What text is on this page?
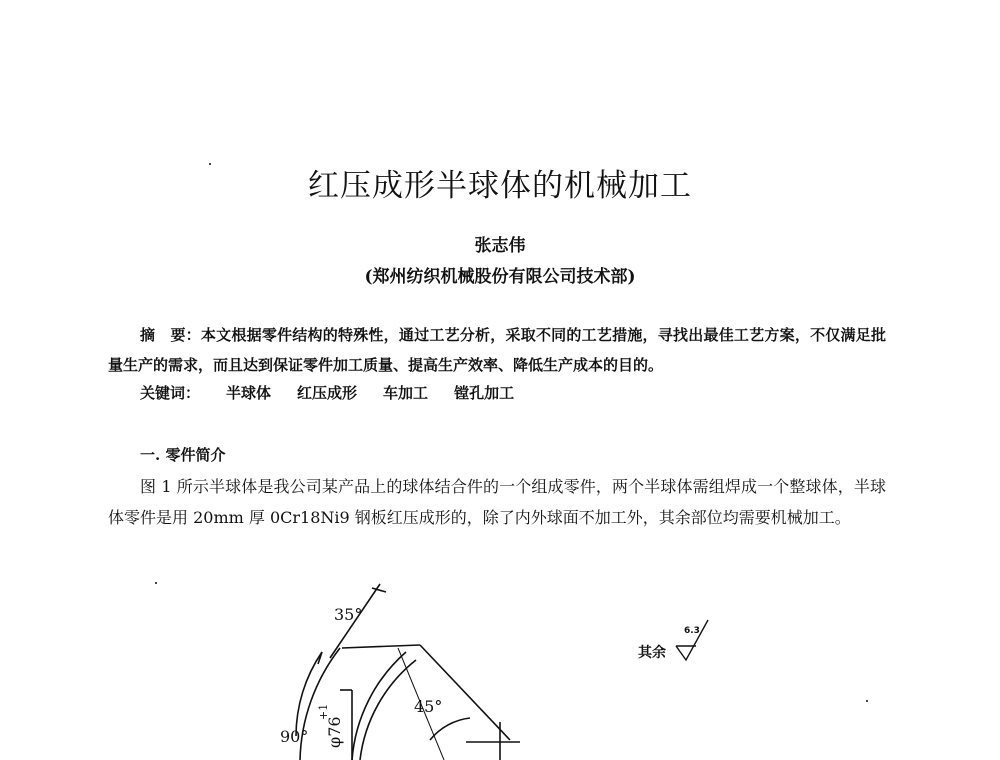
红压成形半球体的机械加工
张志伟
(郑州纺织机械股份有限公司技术部)
摘　要：本文根据零件结构的特殊性，通过工艺分析，采取不同的工艺措施，寻找出最佳工艺方案，不仅满足批量生产的需求，而且达到保证零件加工质量、提高生产效率、降低生产成本的目的。
关键词： 半球体 红压成形 车加工 镗孔加工
一. 零件简介
图 1 所示半球体是我公司某产品上的球体结合件的一个组成零件，两个半球体需组焊成一个整球体，半球体零件是用 20mm 厚 0Cr18Ni9 钢板红压成形的，除了内外球面不加工外，其余部位均需要机械加工。
35°
45°
90° φ76
+1
其余
6.3
